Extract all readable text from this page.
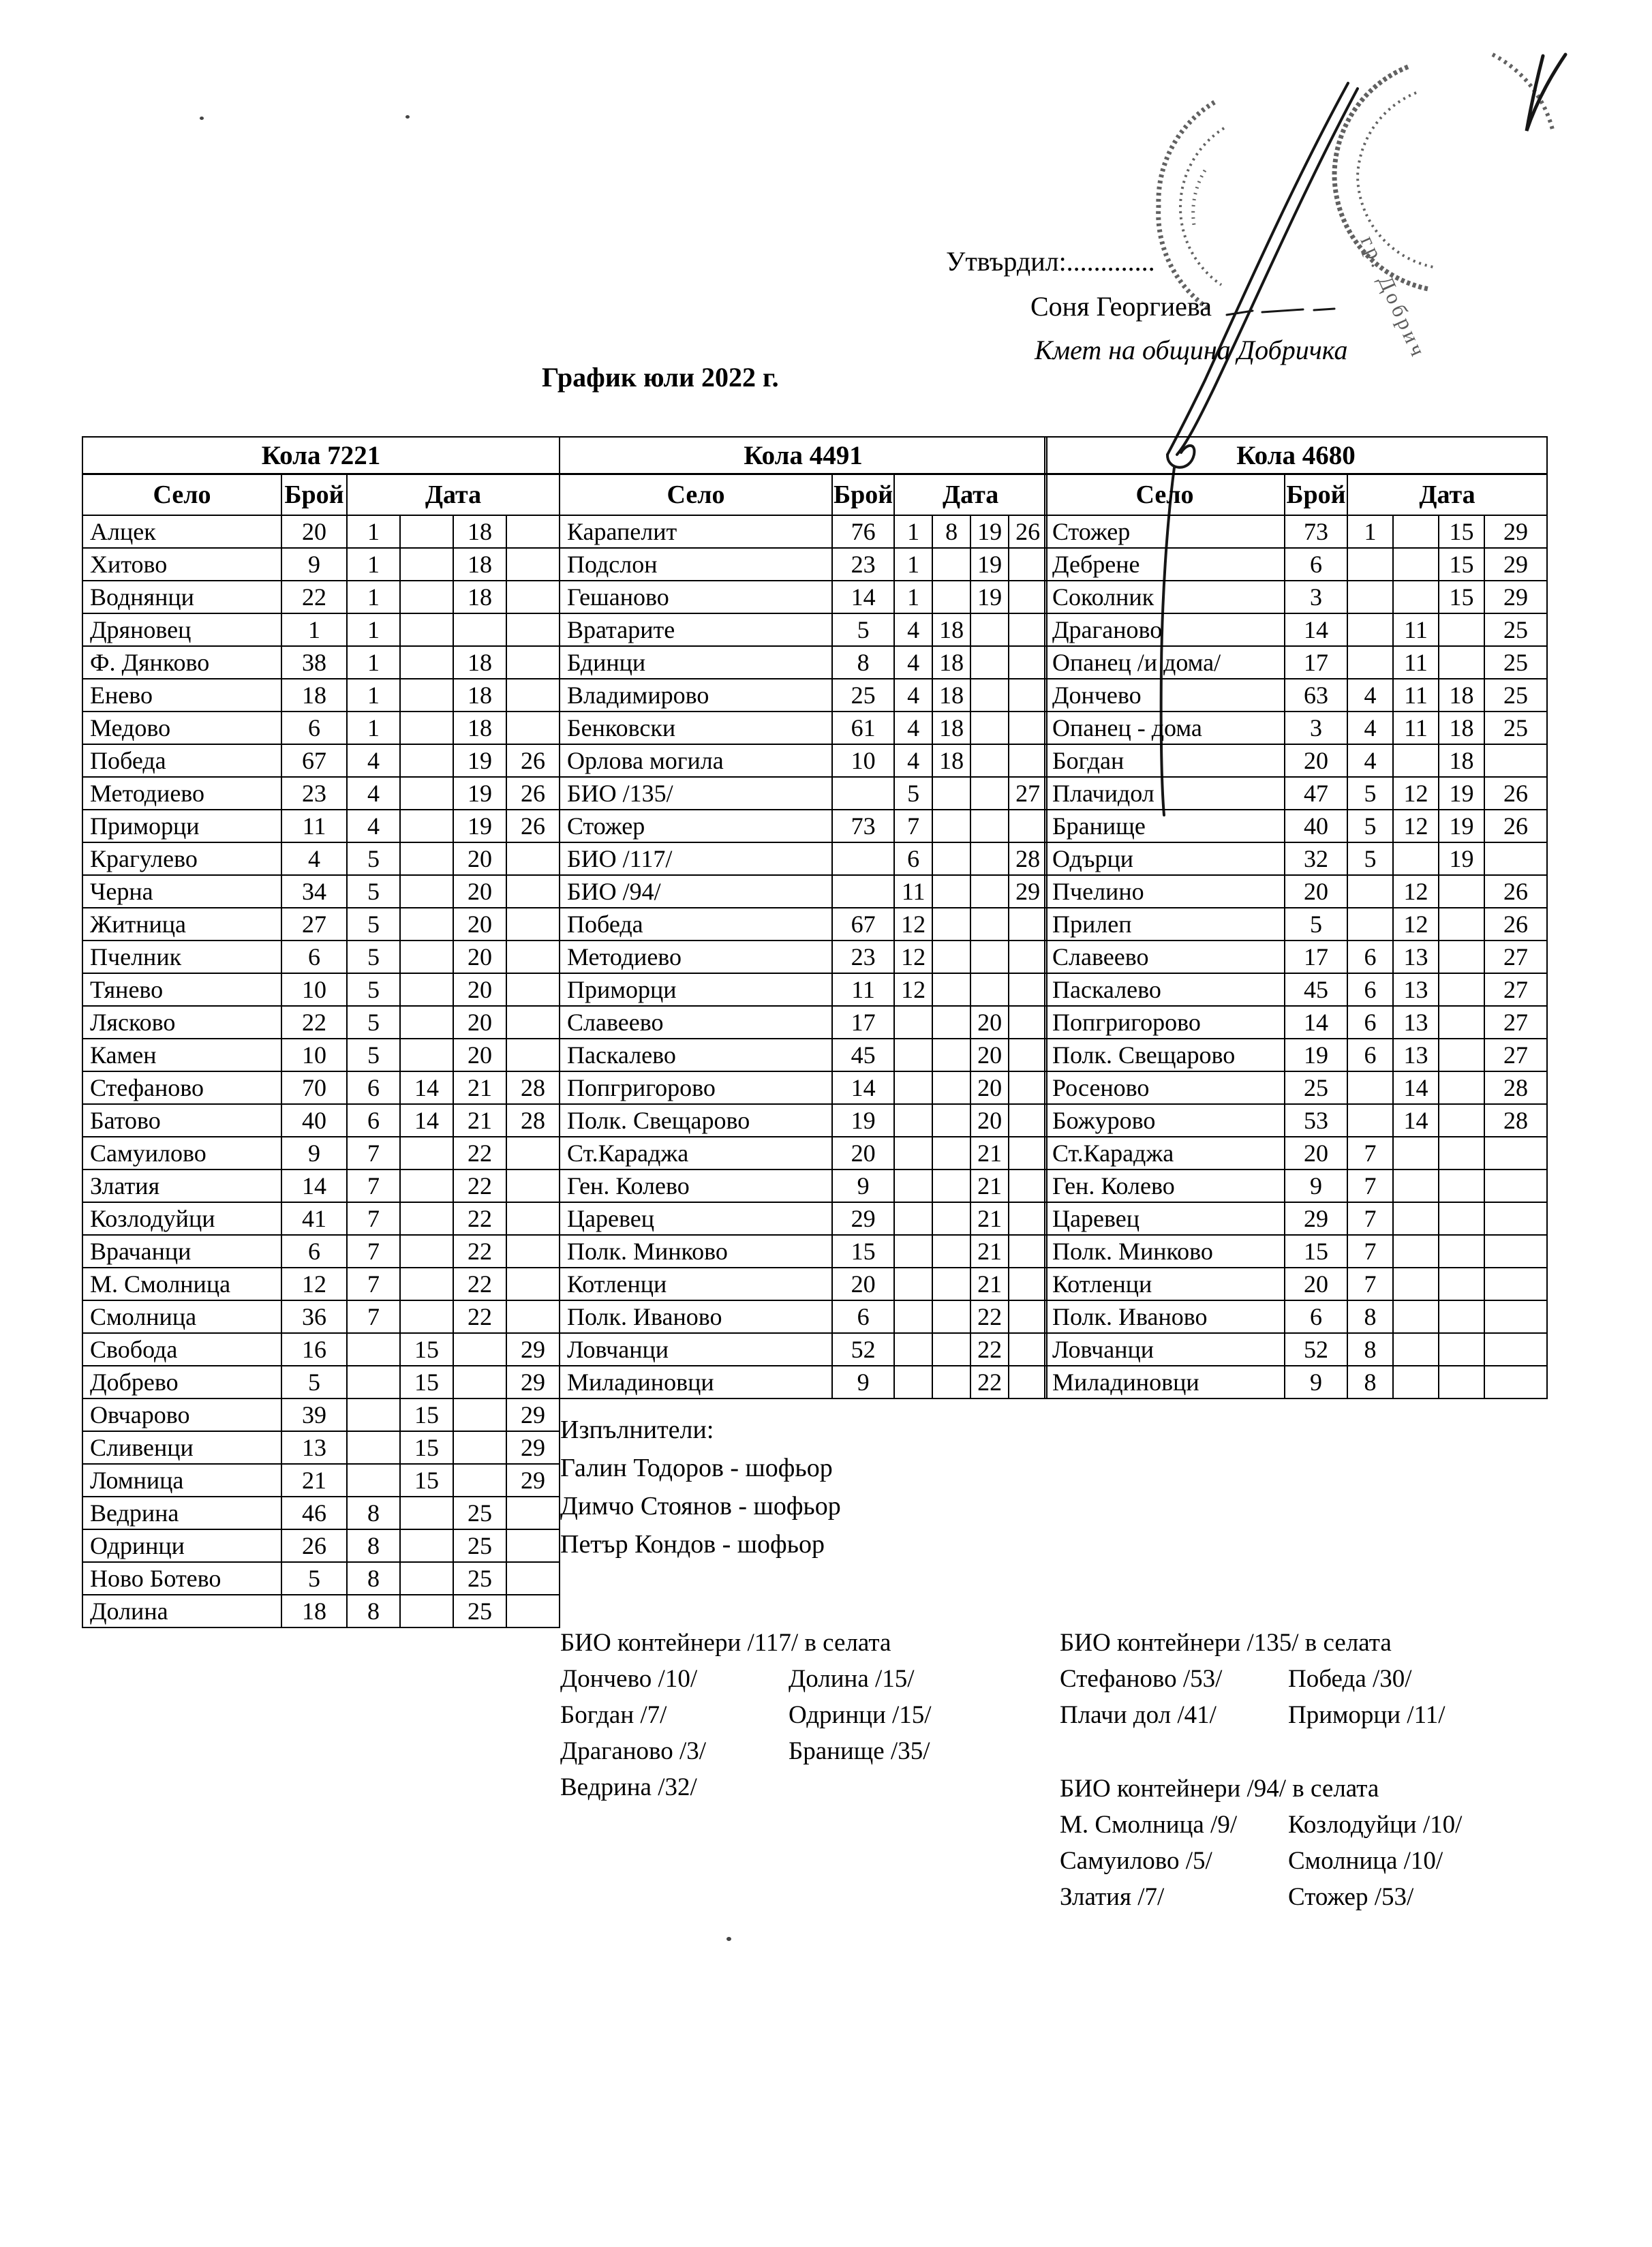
гр. Добрич
Утвърдил:.............
Соня Георгиева
Кмет на община Добричка
График юли 2022 г.
Кола 7221					
Село	Брой	Дата			
Алцек	20	1		18	
Хитово	9	1		18	
Воднянци	22	1		18	
Дряновец	1	1			
Ф. Дянково	38	1		18	
Енево	18	1		18	
Медово	6	1		18	
Победа	67	4		19	26
Методиево	23	4		19	26
Приморци	11	4		19	26
Крагулево	4	5		20	
Черна	34	5		20	
Житница	27	5		20	
Пчелник	6	5		20	
Тянево	10	5		20	
Лясково	22	5		20	
Камен	10	5		20	
Стефаново	70	6	14	21	28
Батово	40	6	14	21	28
Самуилово	9	7		22	
Златия	14	7		22	
Козлодуйци	41	7		22	
Врачанци	6	7		22	
М. Смолница	12	7		22	
Смолница	36	7		22	
Свобода	16		15		29
Добрево	5		15		29
Овчарово	39		15		29
Сливенци	13		15		29
Ломница	21		15		29
Ведрина	46	8		25	
Одринци	26	8		25	
Ново Ботево	5	8		25	
Долина	18	8		25	
Кола 4491					
Село	Брой	Дата			
Карапелит	76	1	8	19	26
Подслон	23	1		19	
Гешаново	14	1		19	
Вратарите	5	4	18		
Бдинци	8	4	18		
Владимирово	25	4	18		
Бенковски	61	4	18		
Орлова могила	10	4	18		
БИО /135/		5			27
Стожер	73	7			
БИО /117/		6			28
БИО /94/		11			29
Победа	67	12			
Методиево	23	12			
Приморци	11	12			
Славеево	17			20	
Паскалево	45			20	
Попгригорово	14			20	
Полк. Свещарово	19			20	
Ст.Караджа	20			21	
Ген. Колево	9			21	
Царевец	29			21	
Полк. Минково	15			21	
Котленци	20			21	
Полк. Иваново	6			22	
Ловчанци	52			22	
Миладиновци	9			22	
Кола 4680					
Село	Брой	Дата			
Стожер	73	1		15	29
Дебрене	6			15	29
Соколник	3			15	29
Драганово	14		11		25
Опанец /и дома/	17		11		25
Дончево	63	4	11	18	25
Опанец - дома	3	4	11	18	25
Богдан	20	4		18	
Плачидол	47	5	12	19	26
Бранище	40	5	12	19	26
Одърци	32	5		19	
Пчелино	20		12		26
Прилеп	5		12		26
Славеево	17	6	13		27
Паскалево	45	6	13		27
Попгригорово	14	6	13		27
Полк. Свещарово	19	6	13		27
Росеново	25		14		28
Божурово	53		14		28
Ст.Караджа	20	7			
Ген. Колево	9	7			
Царевец	29	7			
Полк. Минково	15	7			
Котленци	20	7			
Полк. Иваново	6	8			
Ловчанци	52	8			
Миладиновци	9	8			
Изпълнители:
Галин Тодоров - шофьор
Димчо Стоянов - шофьор
Петър Кондов - шофьор
БИО контейнери /117/ в селата
Дончево /10/
Богдан /7/
Драганово /3/
Ведрина /32/
Долина /15/
Одринци /15/
Бранище /35/
БИО контейнери /135/ в селата
Стефаново /53/
Плачи дол /41/
Победа /30/
Приморци /11/
БИО контейнери /94/ в селата
М. Смолница /9/
Самуилово /5/
Златия /7/
Козлодуйци /10/
Смолница /10/
Стожер /53/
